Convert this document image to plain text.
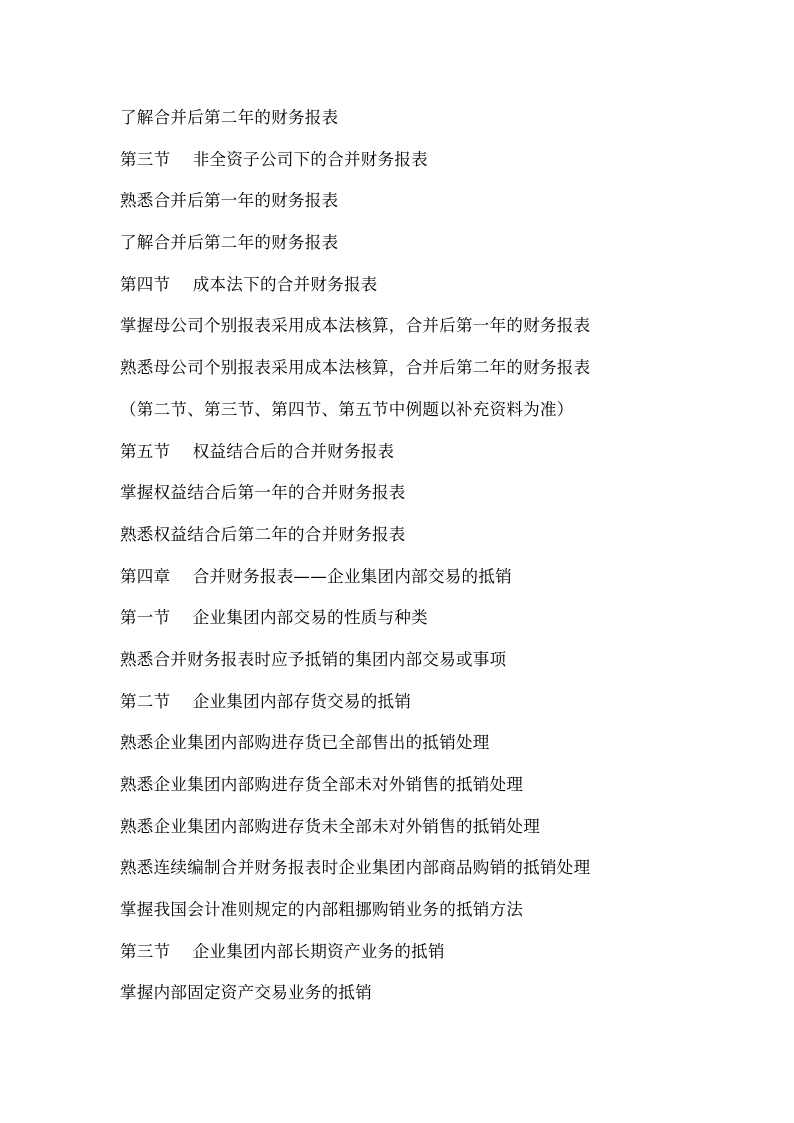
了解合并后第二年的财务报表
第三节　 非全资子公司下的合并财务报表
熟悉合并后第一年的财务报表
了解合并后第二年的财务报表
第四节　 成本法下的合并财务报表
掌握母公司个别报表采用成本法核算，合并后第一年的财务报表
熟悉母公司个别报表采用成本法核算，合并后第二年的财务报表
（第二节、第三节、第四节、第五节中例题以补充资料为准）
第五节　 权益结合后的合并财务报表
掌握权益结合后第一年的合并财务报表
熟悉权益结合后第二年的合并财务报表
第四章　 合并财务报表——企业集团内部交易的抵销
第一节　 企业集团内部交易的性质与种类
熟悉合并财务报表时应予抵销的集团内部交易或事项
第二节　 企业集团内部存货交易的抵销
熟悉企业集团内部购进存货已全部售出的抵销处理
熟悉企业集团内部购进存货全部未对外销售的抵销处理
熟悉企业集团内部购进存货未全部未对外销售的抵销处理
熟悉连续编制合并财务报表时企业集团内部商品购销的抵销处理
掌握我国会计准则规定的内部粗挪购销业务的抵销方法
第三节　 企业集团内部长期资产业务的抵销
掌握内部固定资产交易业务的抵销
